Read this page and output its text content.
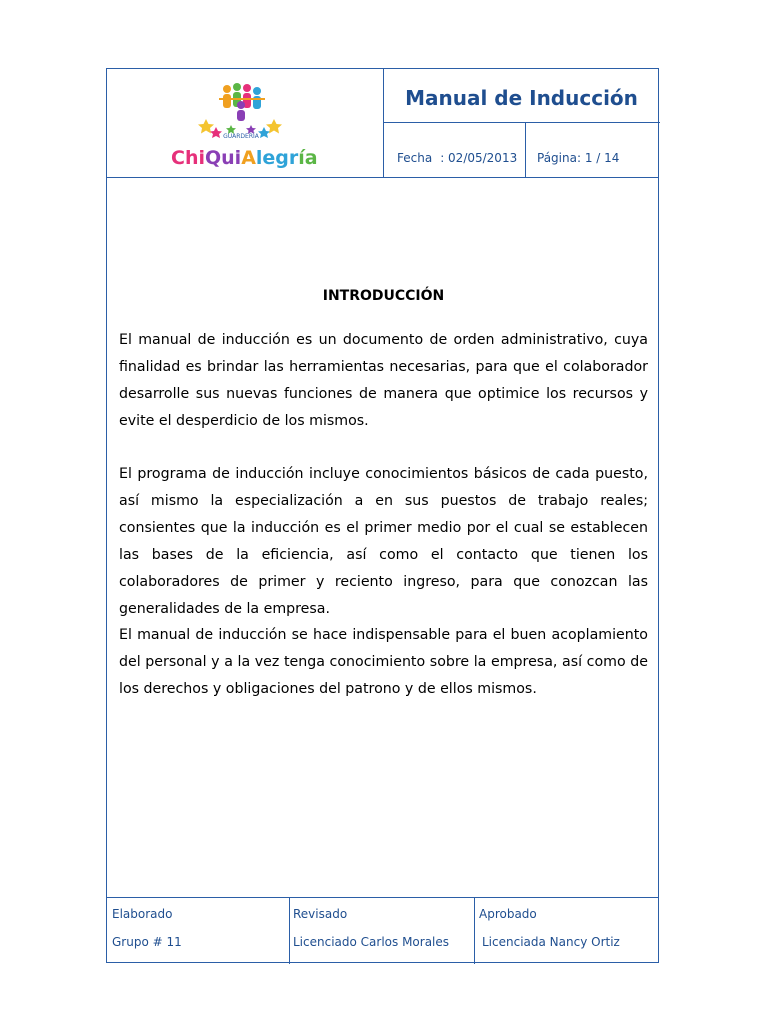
GUARDERÍA
ChiQuiAlegría
Manual de Inducción
Fecha : 02/05/2013 Página: 1 / 14
INTRODUCCIÓN
El manual de inducción es un documento de orden administrativo, cuya finalidad es brindar las herramientas necesarias, para que el colaborador desarrolle sus nuevas funciones de manera que optimice los recursos y evite el desperdicio de los mismos.
El programa de inducción incluye conocimientos básicos de cada puesto, así mismo la especialización a en sus puestos de trabajo reales; consientes que la inducción es el primer medio por el cual se establecen las bases de la eficiencia, así como el contacto que tienen los colaboradores de primer y reciento ingreso, para que conozcan las generalidades de la empresa.
El manual de inducción se hace indispensable para el buen acoplamiento del personal y a la vez tenga conocimiento sobre la empresa, así como de los derechos y obligaciones del patrono y de ellos mismos.
Elaborado	Revisado	Aprobado
Grupo # 11	Licenciado Carlos Morales	Licenciada Nancy Ortiz
